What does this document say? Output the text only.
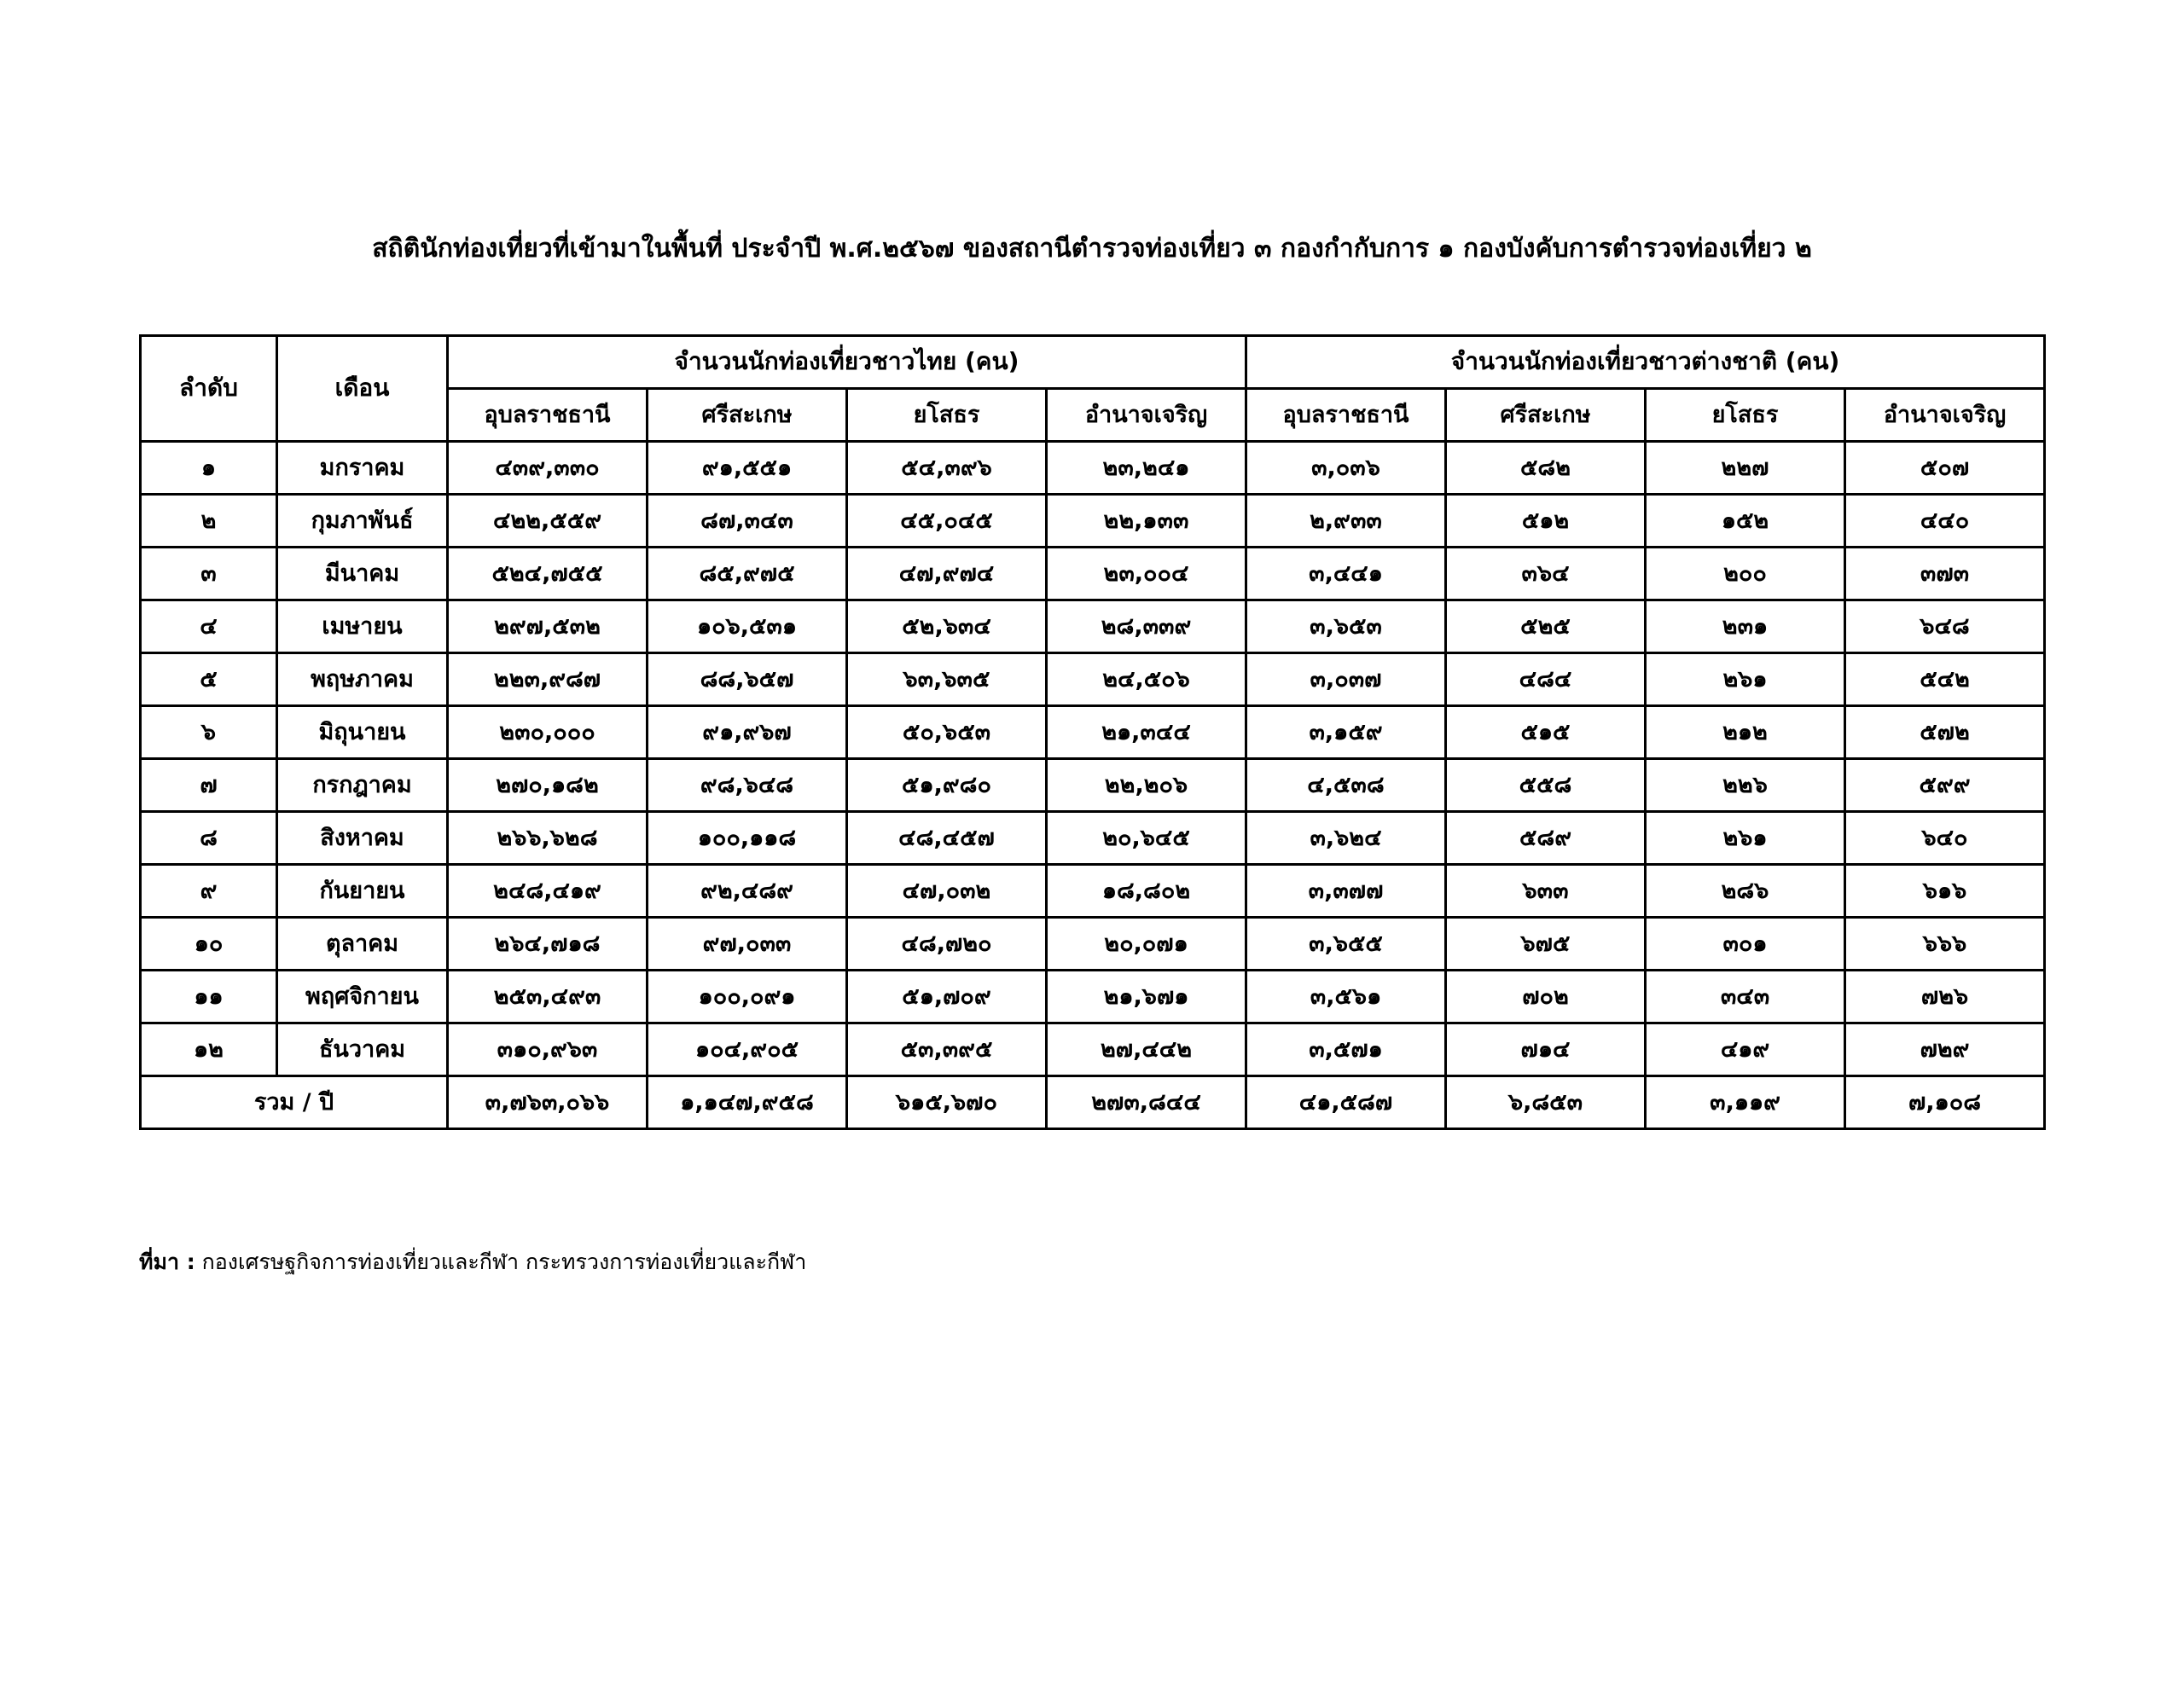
สถิตินักท่องเที่ยวที่เข้ามาในพื้นที่ ประจำปี พ.ศ.๒๕๖๗ ของสถานีตำรวจท่องเที่ยว ๓ กองกำกับการ ๑ กองบังคับการตำรวจท่องเที่ยว ๒
ลำดับ	เดือน	จำนวนนักท่องเที่ยวชาวไทย (คน)				จำนวนนักท่องเที่ยวชาวต่างชาติ (คน)			
		อุบลราชธานี	ศรีสะเกษ	ยโสธร	อำนาจเจริญ	อุบลราชธานี	ศรีสะเกษ	ยโสธร	อำนาจเจริญ
๑	มกราคม	๔๓๙,๓๓๐	๙๑,๕๕๑	๕๔,๓๙๖	๒๓,๒๔๑	๓,๐๓๖	๕๘๒	๒๒๗	๕๐๗
๒	กุมภาพันธ์	๔๒๒,๕๕๙	๘๗,๓๔๓	๔๕,๐๔๕	๒๒,๑๓๓	๒,๙๓๓	๕๑๒	๑๕๒	๔๔๐
๓	มีนาคม	๕๒๔,๗๕๕	๘๕,๙๗๕	๔๗,๙๗๔	๒๓,๐๐๔	๓,๔๔๑	๓๖๔	๒๐๐	๓๗๓
๔	เมษายน	๒๙๗,๕๓๒	๑๐๖,๕๓๑	๕๒,๖๓๔	๒๘,๓๓๙	๓,๖๕๓	๕๒๕	๒๓๑	๖๔๘
๕	พฤษภาคม	๒๒๓,๙๘๗	๘๘,๖๕๗	๖๓,๖๓๕	๒๔,๕๐๖	๓,๐๓๗	๔๘๔	๒๖๑	๕๔๒
๖	มิถุนายน	๒๓๐,๐๐๐	๙๑,๙๖๗	๕๐,๖๕๓	๒๑,๓๔๔	๓,๑๕๙	๕๑๕	๒๑๒	๕๗๒
๗	กรกฎาคม	๒๗๐,๑๘๒	๙๘,๖๔๘	๕๑,๙๘๐	๒๒,๒๐๖	๔,๕๓๘	๕๕๘	๒๒๖	๕๙๙
๘	สิงหาคม	๒๖๖,๖๒๘	๑๐๐,๑๑๘	๔๘,๔๕๗	๒๐,๖๔๕	๓,๖๒๔	๕๘๙	๒๖๑	๖๔๐
๙	กันยายน	๒๔๘,๔๑๙	๙๒,๔๘๙	๔๗,๐๓๒	๑๘,๘๐๒	๓,๓๗๗	๖๓๓	๒๘๖	๖๑๖
๑๐	ตุลาคม	๒๖๔,๗๑๘	๙๗,๐๓๓	๔๘,๗๒๐	๒๐,๐๗๑	๓,๖๕๕	๖๗๕	๓๐๑	๖๖๖
๑๑	พฤศจิกายน	๒๕๓,๔๙๓	๑๐๐,๐๙๑	๕๑,๗๐๙	๒๑,๖๗๑	๓,๕๖๑	๗๐๒	๓๔๓	๗๒๖
๑๒	ธันวาคม	๓๑๐,๙๖๓	๑๐๔,๙๐๕	๕๓,๓๙๕	๒๗,๔๔๒	๓,๕๗๑	๗๑๔	๔๑๙	๗๒๙
รวม / ปี		๓,๗๖๓,๐๖๖	๑,๑๔๗,๙๕๘	๖๑๕,๖๗๐	๒๗๓,๘๔๔	๔๑,๕๘๗	๖,๘๕๓	๓,๑๑๙	๗,๑๐๘
ที่มา : กองเศรษฐกิจการท่องเที่ยวและกีฬา กระทรวงการท่องเที่ยวและกีฬา
